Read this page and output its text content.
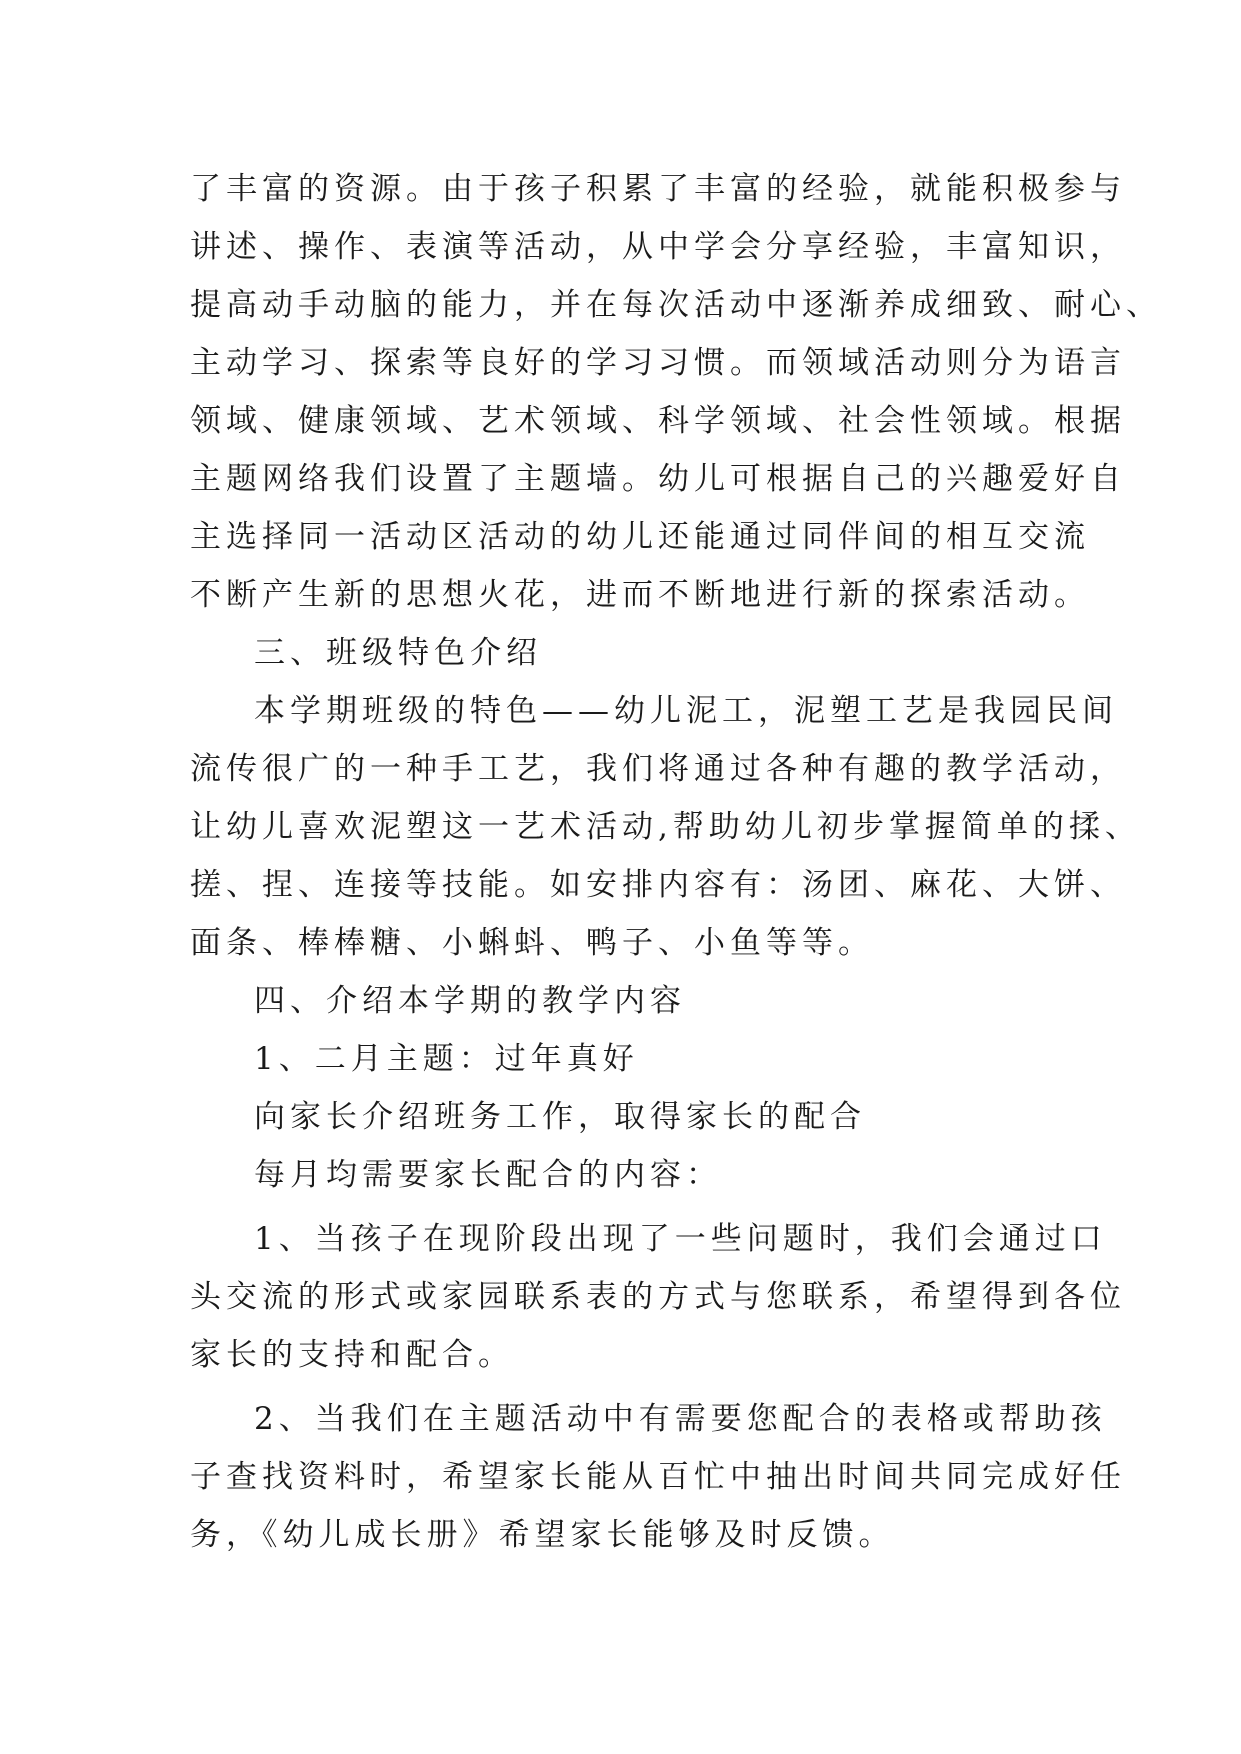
了丰富的资源。由于孩子积累了丰富的经验，就能积极参与
讲述、操作、表演等活动，从中学会分享经验，丰富知识，
提高动手动脑的能力，并在每次活动中逐渐养成细致、耐心、
主动学习、探索等良好的学习习惯。而领域活动则分为语言
领域、健康领域、艺术领域、科学领域、社会性领域。根据
主题网络我们设置了主题墙。幼儿可根据自己的兴趣爱好自
主选择同一活动区活动的幼儿还能通过同伴间的相互交流
不断产生新的思想火花，进而不断地进行新的探索活动。
三、班级特色介绍
本学期班级的特色——幼儿泥工，泥塑工艺是我园民间
流传很广的一种手工艺，我们将通过各种有趣的教学活动，
让幼儿喜欢泥塑这一艺术活动,帮助幼儿初步掌握简单的揉、
搓、捏、连接等技能。如安排内容有：汤团、麻花、大饼、
面条、棒棒糖、小蝌蚪、鸭子、小鱼等等。
四、介绍本学期的教学内容
1、二月主题：过年真好
向家长介绍班务工作，取得家长的配合
每月均需要家长配合的内容：
1、当孩子在现阶段出现了一些问题时，我们会通过口
头交流的形式或家园联系表的方式与您联系，希望得到各位
家长的支持和配合。
2、当我们在主题活动中有需要您配合的表格或帮助孩
子查找资料时，希望家长能从百忙中抽出时间共同完成好任
务，《幼儿成长册》希望家长能够及时反馈。
